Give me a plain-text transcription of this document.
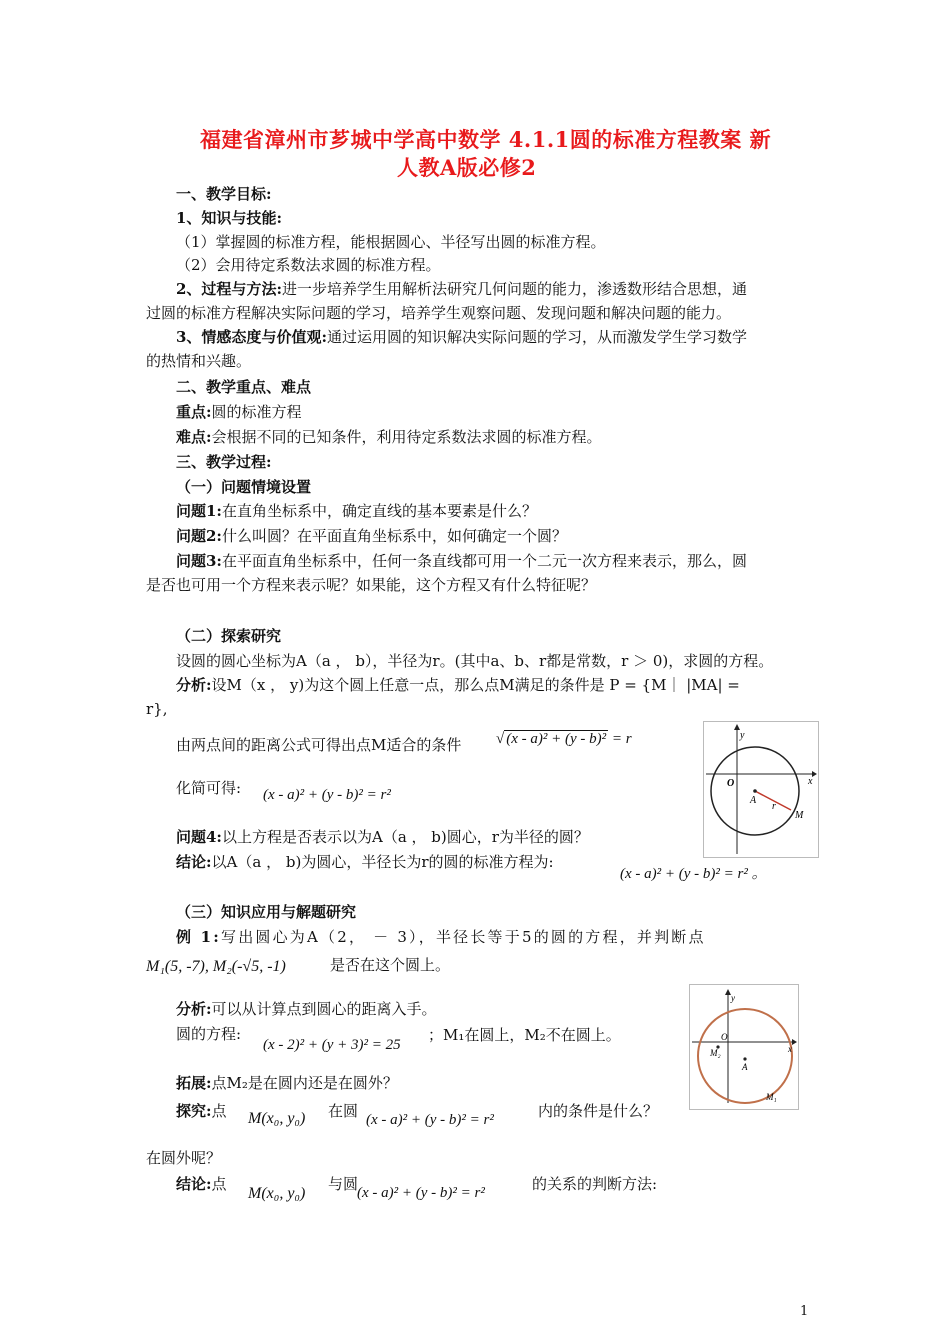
福建省漳州市芗城中学高中数学 4.1.1圆的标准方程教案 新
人教A版必修2
一、教学目标:
1、知识与技能:
（1）掌握圆的标准方程，能根据圆心、半径写出圆的标准方程。
（2）会用待定系数法求圆的标准方程。
2、过程与方法:进一步培养学生用解析法研究几何问题的能力，渗透数形结合思想，通
过圆的标准方程解决实际问题的学习，培养学生观察问题、发现问题和解决问题的能力。
3、情感态度与价值观:通过运用圆的知识解决实际问题的学习，从而激发学生学习数学
的热情和兴趣。
二、教学重点、难点
重点:圆的标准方程
难点:会根据不同的已知条件，利用待定系数法求圆的标准方程。
三、教学过程:
（一）问题情境设置
问题1:在直角坐标系中，确定直线的基本要素是什么？
问题2:什么叫圆？在平面直角坐标系中，如何确定一个圆？
问题3:在平面直角坐标系中，任何一条直线都可用一个二元一次方程来表示，那么，圆
是否也可用一个方程来表示呢？如果能，这个方程又有什么特征呢？
（二）探索研究
设圆的圆心坐标为A（a ， b），半径为r。(其中a、b、r都是常数，r ＞ 0)，求圆的方程。
分析:设M（x ， y)为这个圆上任意一点，那么点M满足的条件是 P = {M｜ |MA| =
r},
由两点间的距离公式可得出点M适合的条件 √ (x - a)² + (y - b)² = r
化简可得: (x - a)² + (y - b)² = r²
y
x
O
A
r
M
问题4:以上方程是否表示以为A（a ， b)圆心，r为半径的圆？
结论:以A（a ， b)为圆心，半径长为r的圆的标准方程为:
(x - a)² + (y - b)² = r² 。
（三）知识应用与解题研究
例 1:写出圆心为A（2， － 3），半径长等于5的圆的方程，并判断点
M₁(5, -7), M₂(-√5, -1)	是否在这个圆上。
分析:可以从计算点到圆心的距离入手。
圆的方程:
(x - 2)² + (y + 3)² = 25
；M₁在圆上，M₂不在圆上。
y
x
O
M₂
A
M₁
拓展:点M₂是在圆内还是在圆外？
探究:点 M(x₀, y₀) 在圆 (x - a)² + (y - b)² = r²	内的条件是什么？
在圆外呢？
结论:点
M(x₀, y₀)
与圆
(x - a)² + (y - b)² = r²	的关系的判断方法:
1
